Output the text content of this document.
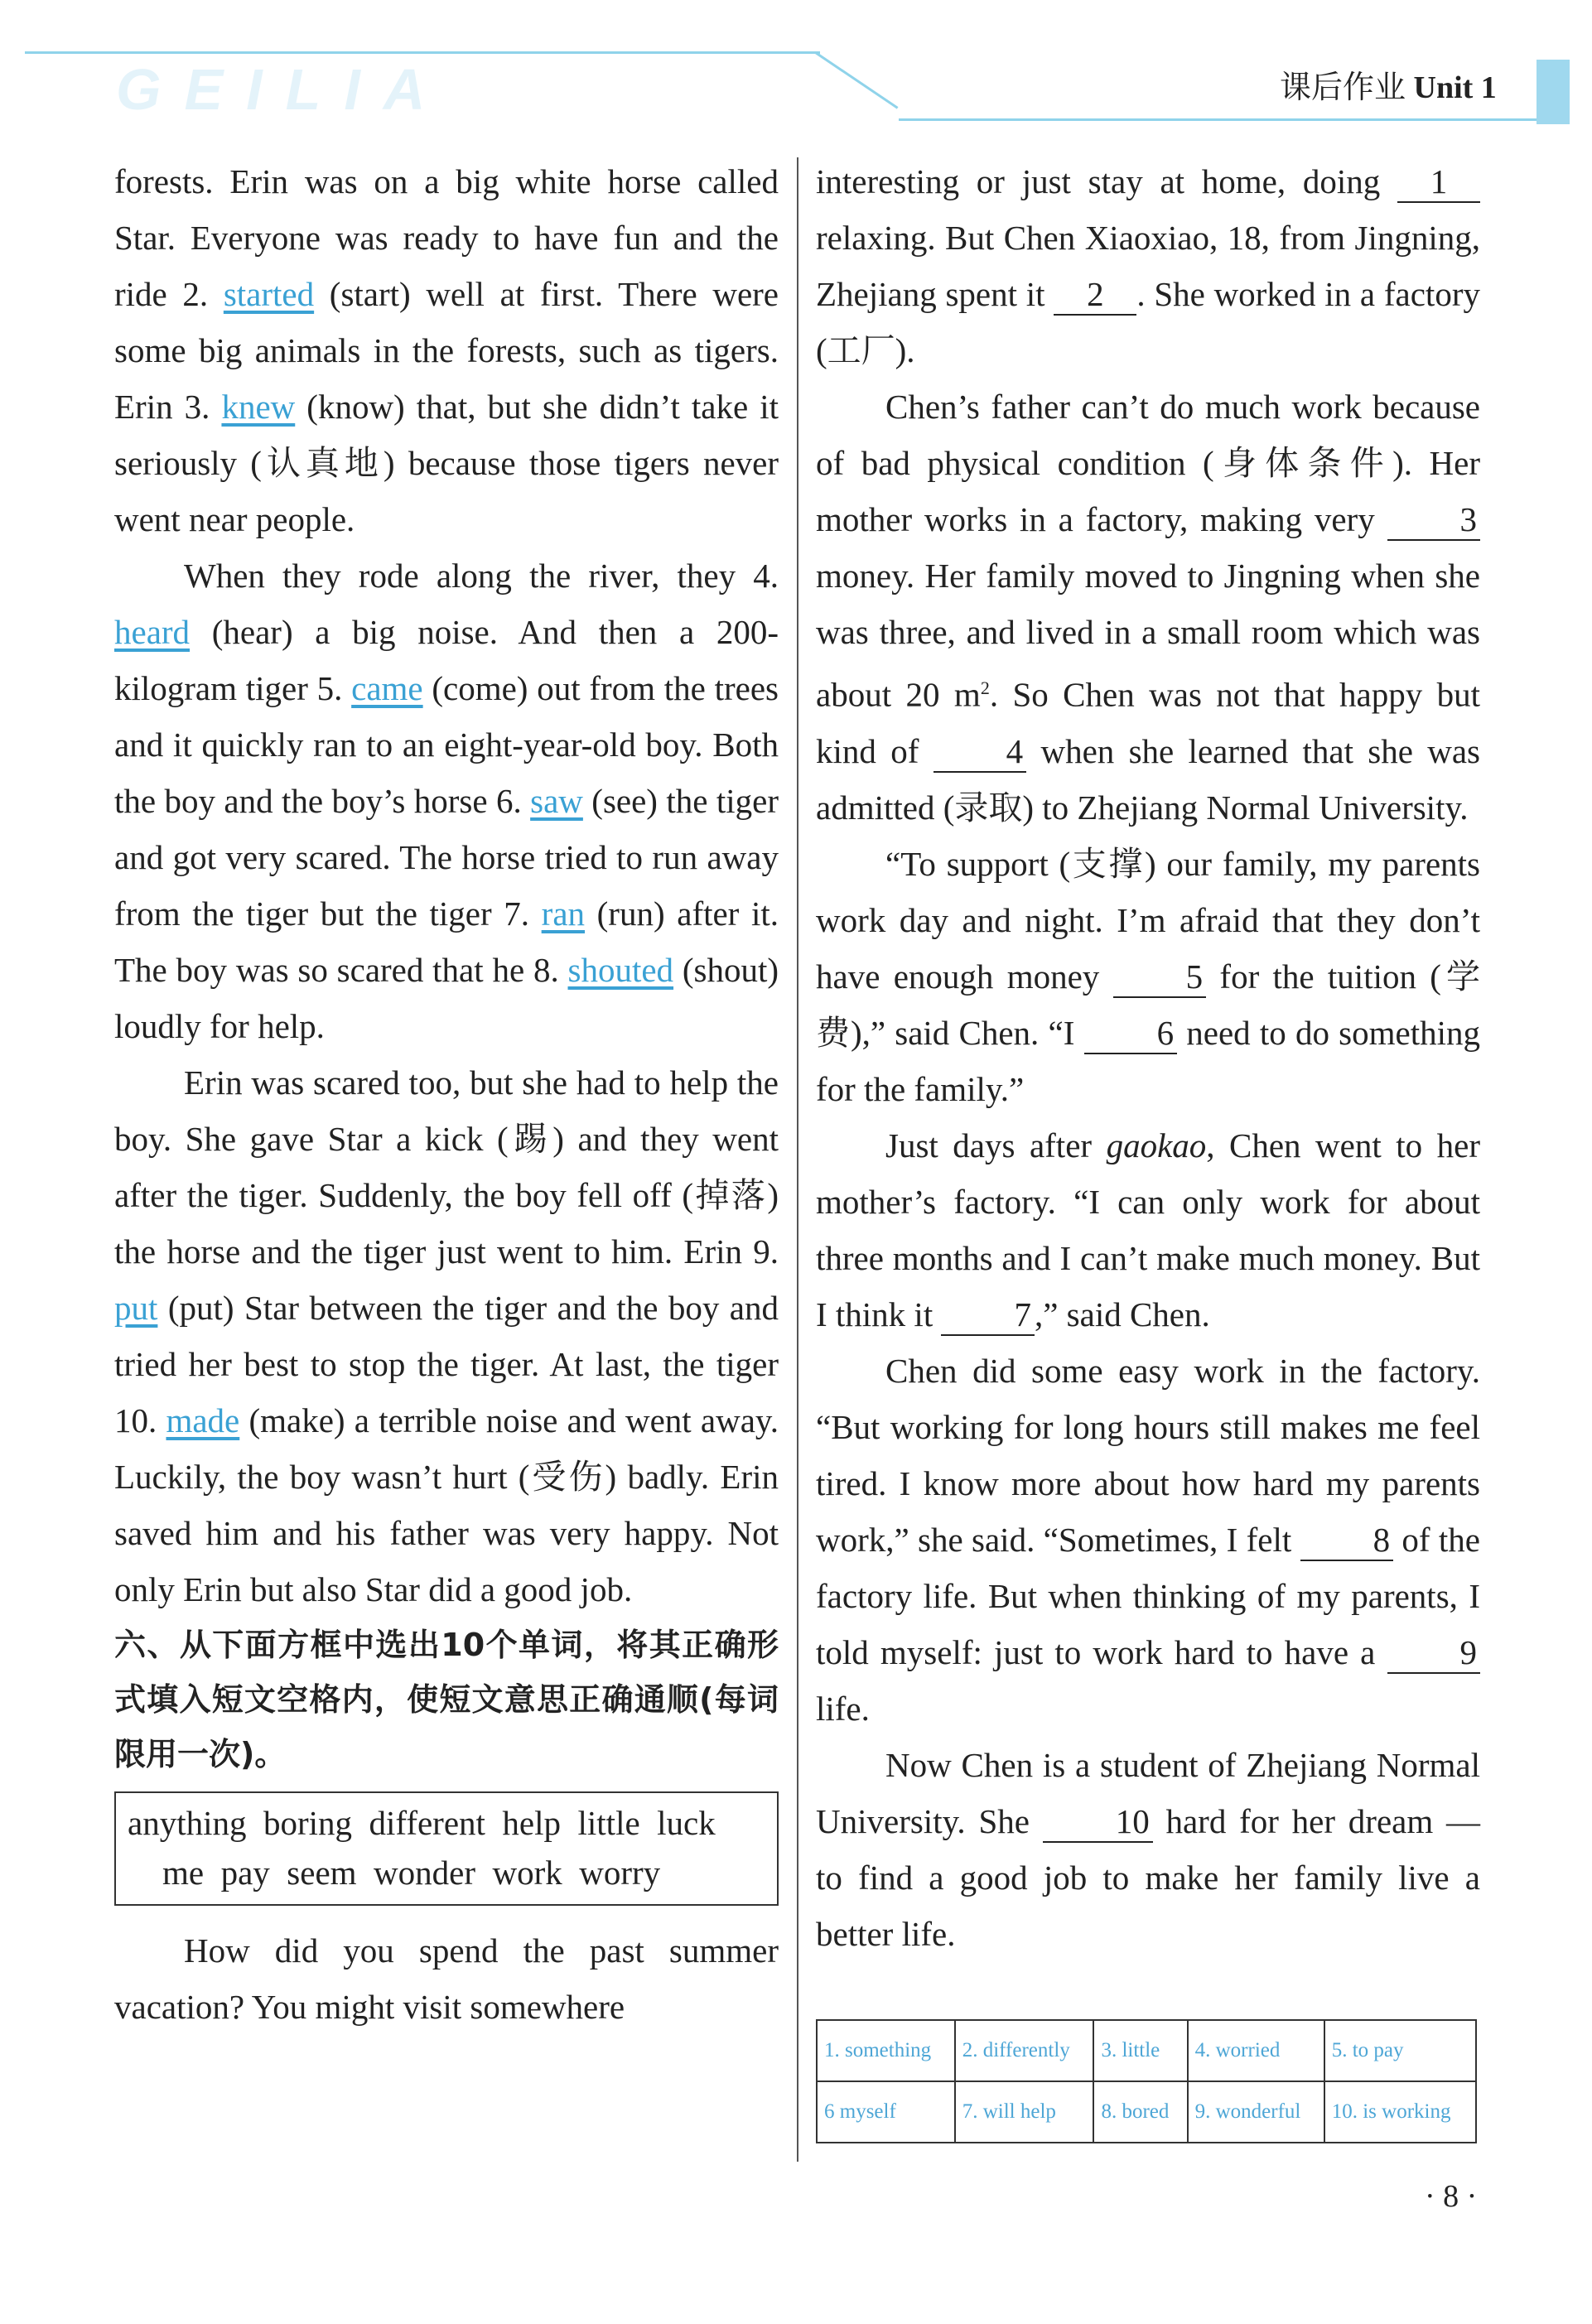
GEILIA	课后作业 Unit 1

forests. Erin was on a big white horse called Star. Everyone was ready to have fun and the ride 2. started (start) well at first. There were some big animals in the forests, such as tigers. Erin 3. knew (know) that, but she didn’t take it seriously (认真地) because those tigers never went near people.

When they rode along the river, they 4. heard (hear) a big noise. And then a 200-kilogram tiger 5. came (come) out from the trees and it quickly ran to an eight-year-old boy. Both the boy and the boy’s horse 6. saw (see) the tiger and got very scared. The horse tried to run away from the tiger but the tiger 7. ran (run) after it. The boy was so scared that he 8. shouted (shout) loudly for help.

Erin was scared too, but she had to help the boy. She gave Star a kick (踢) and they went after the tiger. Suddenly, the boy fell off (掉落) the horse and the tiger just went to him. Erin 9. put (put) Star between the tiger and the boy and tried her best to stop the tiger. At last, the tiger 10. made (make) a terrible noise and went away. Luckily, the boy wasn’t hurt (受伤) badly. Erin saved him and his father was very happy. Not only Erin but also Star did a good job.

六、从下面方框中选出10个单词，将其正确形式填入短文空格内，使短文意思正确通顺(每词限用一次)。

anything  boring  different  help  little  luck
me  pay  seem  wonder  work  worry

How did you spend the past summer vacation? You might visit somewhere

interesting or just stay at home, doing 1 relaxing. But Chen Xiaoxiao, 18, from Jingning, Zhejiang spent it 2 . She worked in a factory (工厂).

Chen’s father can’t do much work because of bad physical condition (身体条件). Her mother works in a factory, making very 3 money. Her family moved to Jingning when she was three, and lived in a small room which was about 20 $m^2$. So Chen was not that happy but kind of 4 when she learned that she was admitted (录取) to Zhejiang Normal University.

“To support (支撑) our family, my parents work day and night. I’m afraid that they don’t have enough money 5 for the tuition (学费),” said Chen. “I 6 need to do something for the family.”

Just days after gaokao, Chen went to her mother’s factory. “I can only work for about three months and I can’t make much money. But I think it 7,” said Chen.

Chen did some easy work in the factory. “But working for long hours still makes me feel tired. I know more about how hard my parents work,” she said. “Sometimes, I felt 8 of the factory life. But when thinking of my parents, I told myself: just to work hard to have a 9 life.

Now Chen is a student of Zhejiang Normal University. She 10 hard for her dream — to find a good job to make her family live a better life.

1. something	2. differently	3. little	4. worried	5. to pay
6 myself	7. will help	8. bored	9. wonderful	10. is working
· 8 ·
